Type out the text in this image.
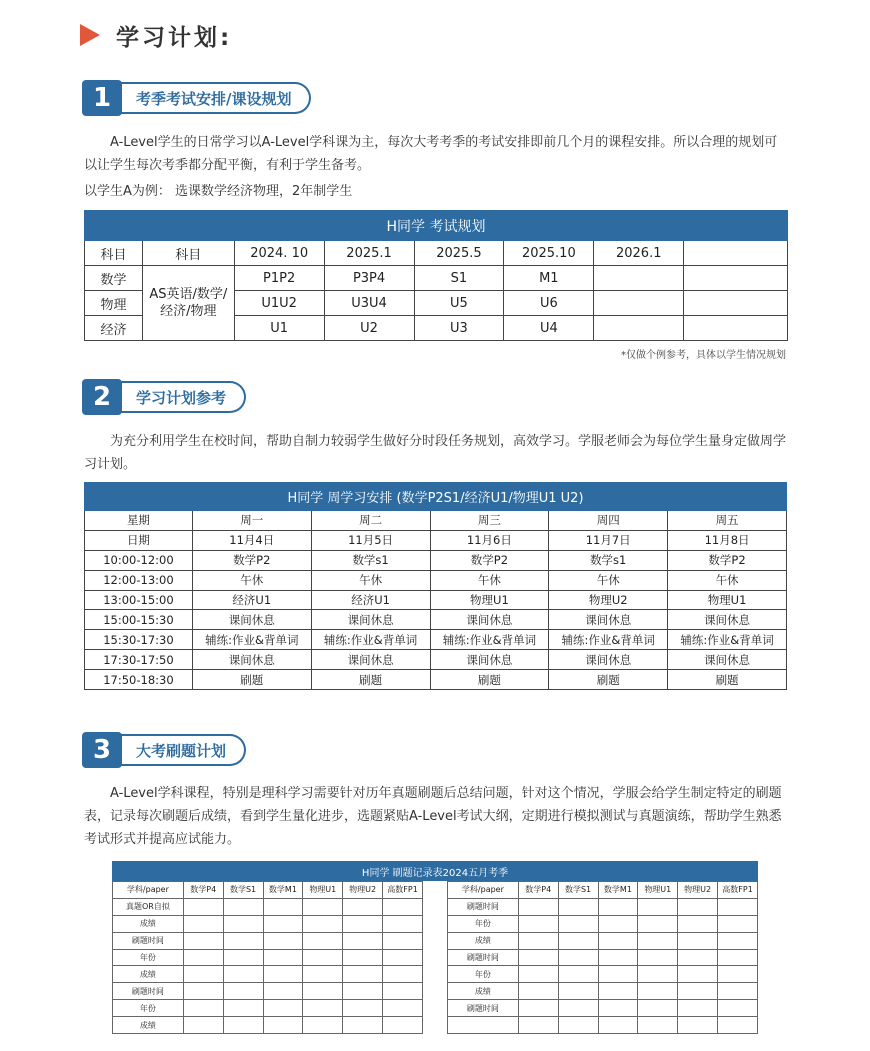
学习计划:
1	考季考试安排/课设规划
A-Level学生的日常学习以A-Level学科课为主，每次大考考季的考试安排即前几个月的课程安排。所以合理的规划可以让学生每次考季都分配平衡，有利于学生备考。
以学生A为例： 选课数学经济物理，2年制学生
H同学 考试规划							
科目	科目	2024. 10	2025.1	2025.5	2025.10	2026.1	
数学	AS英语/数学/经济/物理	P1P2	P3P4	S1	M1		
物理		U1U2	U3U4	U5	U6		
经济		U1	U2	U3	U4		
*仅做个例参考，具体以学生情况规划
2	学习计划参考
为充分利用学生在校时间，帮助自制力较弱学生做好分时段任务规划，高效学习。学服老师会为每位学生量身定做周学习计划。
H同学 周学习安排 (数学P2S1/经济U1/物理U1 U2)					
星期	周一	周二	周三	周四	周五
日期	11月4日	11月5日	11月6日	11月7日	11月8日
10:00-12:00	数学P2	数学s1	数学P2	数学s1	数学P2
12:00-13:00	午休	午休	午休	午休	午休
13:00-15:00	经济U1	经济U1	物理U1	物理U2	物理U1
15:00-15:30	课间休息	课间休息	课间休息	课间休息	课间休息
15:30-17:30	辅练:作业&背单词	辅练:作业&背单词	辅练:作业&背单词	辅练:作业&背单词	辅练:作业&背单词
17:30-17:50	课间休息	课间休息	课间休息	课间休息	课间休息
17:50-18:30	刷题	刷题	刷题	刷题	刷题
3	大考刷题计划
A-Level学科课程，特别是理科学习需要针对历年真题刷题后总结问题，针对这个情况，学服会给学生制定特定的刷题表，记录每次刷题后成绩，看到学生量化进步，选题紧贴A-Level考试大纲，定期进行模拟测试与真题演练，帮助学生熟悉考试形式并提高应试能力。
H同学 刷题记录表2024五月考季
学科/paper	数学P4	数学S1	数学M1	物理U1	物理U2	高数FP1
真题OR自拟						
成绩						
刷题时间						
年份						
成绩						
刷题时间						
年份						
成绩						
学科/paper	数学P4	数学S1	数学M1	物理U1	物理U2	高数FP1
刷题时间						
年份						
成绩						
刷题时间						
年份						
成绩						
刷题时间						
